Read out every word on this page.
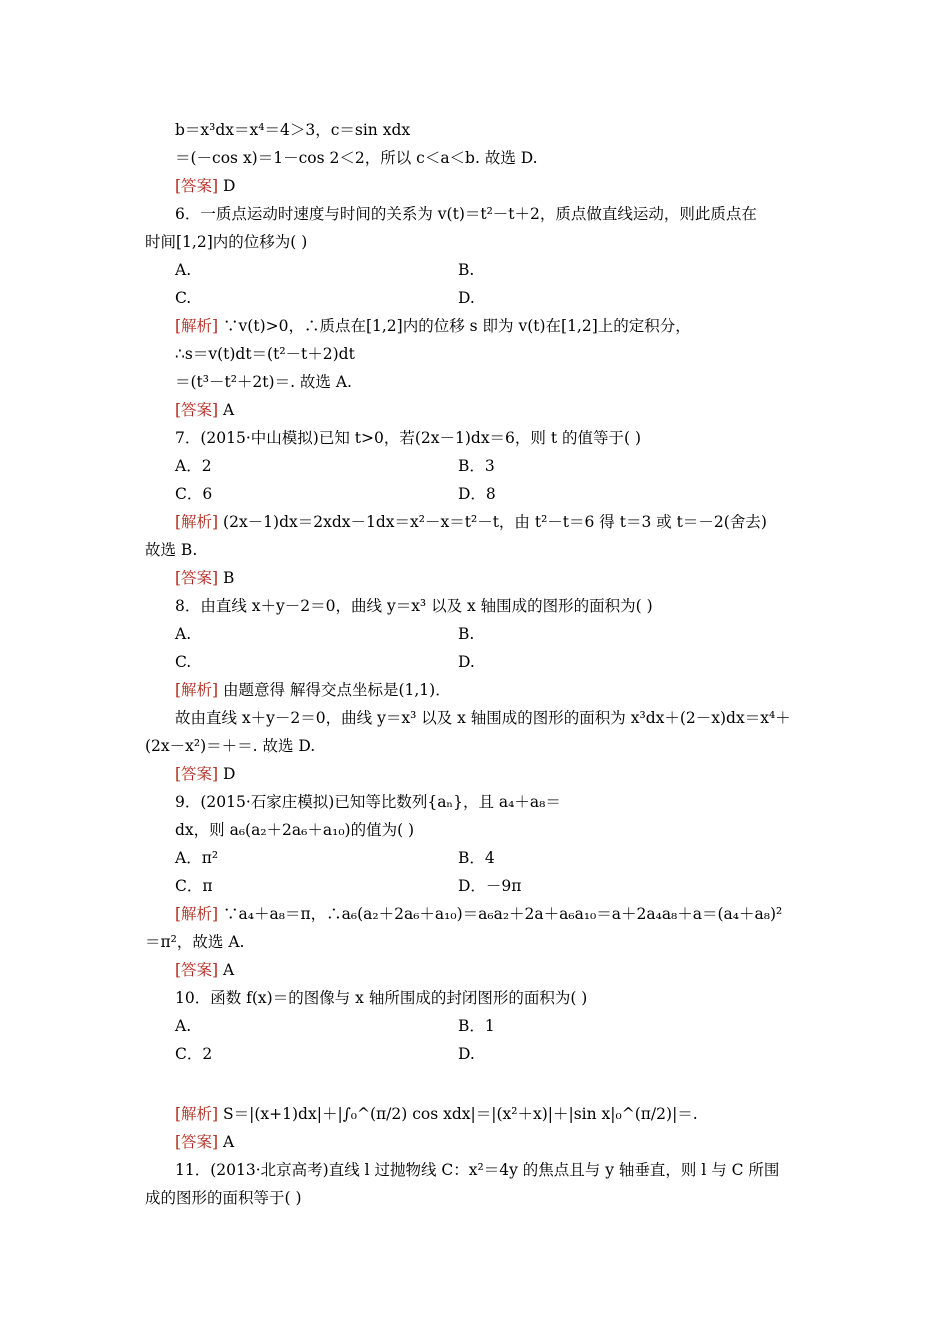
b＝x³dx＝x⁴＝4＞3，c＝sin xdx
＝(－cos x)＝1－cos 2＜2，所以 c＜a＜b. 故选 D.
[答案] D
6．一质点运动时速度与时间的关系为 v(t)＝t²－t＋2，质点做直线运动，则此质点在
时间[1,2]内的位移为( )
A.	B.
C.	D.
[解析] ∵v(t)>0，∴质点在[1,2]内的位移 s 即为 v(t)在[1,2]上的定积分，
∴s＝v(t)dt＝(t²－t＋2)dt
＝(t³－t²＋2t)＝. 故选 A.
[答案] A
7．(2015·中山模拟)已知 t>0，若(2x－1)dx＝6，则 t 的值等于( )
A．2	B．3
C．6	D．8
[解析] (2x－1)dx＝2xdx－1dx＝x²－x＝t²－t，由 t²－t＝6 得 t＝3 或 t＝－2(舍去)
故选 B.
[答案] B
8．由直线 x＋y－2＝0，曲线 y＝x³ 以及 x 轴围成的图形的面积为( )
A.	B.
C.	D.
[解析] 由题意得 解得交点坐标是(1,1)．
故由直线 x＋y－2＝0，曲线 y＝x³ 以及 x 轴围成的图形的面积为 x³dx＋(2－x)dx＝x⁴＋
(2x－x²)＝＋＝. 故选 D.
[答案] D
9．(2015·石家庄模拟)已知等比数列{aₙ}，且 a₄＋a₈＝
dx，则 a₆(a₂＋2a₆＋a₁₀)的值为( )
A．π²	B．4
C．π	D．－9π
[解析] ∵a₄＋a₈＝π，∴a₆(a₂＋2a₆＋a₁₀)＝a₆a₂＋2a＋a₆a₁₀＝a＋2a₄a₈＋a＝(a₄＋a₈)²
＝π²，故选 A.
[答案] A
10．函数 f(x)＝的图像与 x 轴所围成的封闭图形的面积为( )
A.	B．1
C．2	D.
[解析] S＝|(x+1)dx|＋|∫₀^(π/2) cos xdx|＝|(x²＋x)|＋|sin x|₀^(π/2)|＝.
[答案] A
11．(2013·北京高考)直线 l 过抛物线 C：x²＝4y 的焦点且与 y 轴垂直，则 l 与 C 所围
成的图形的面积等于( )
